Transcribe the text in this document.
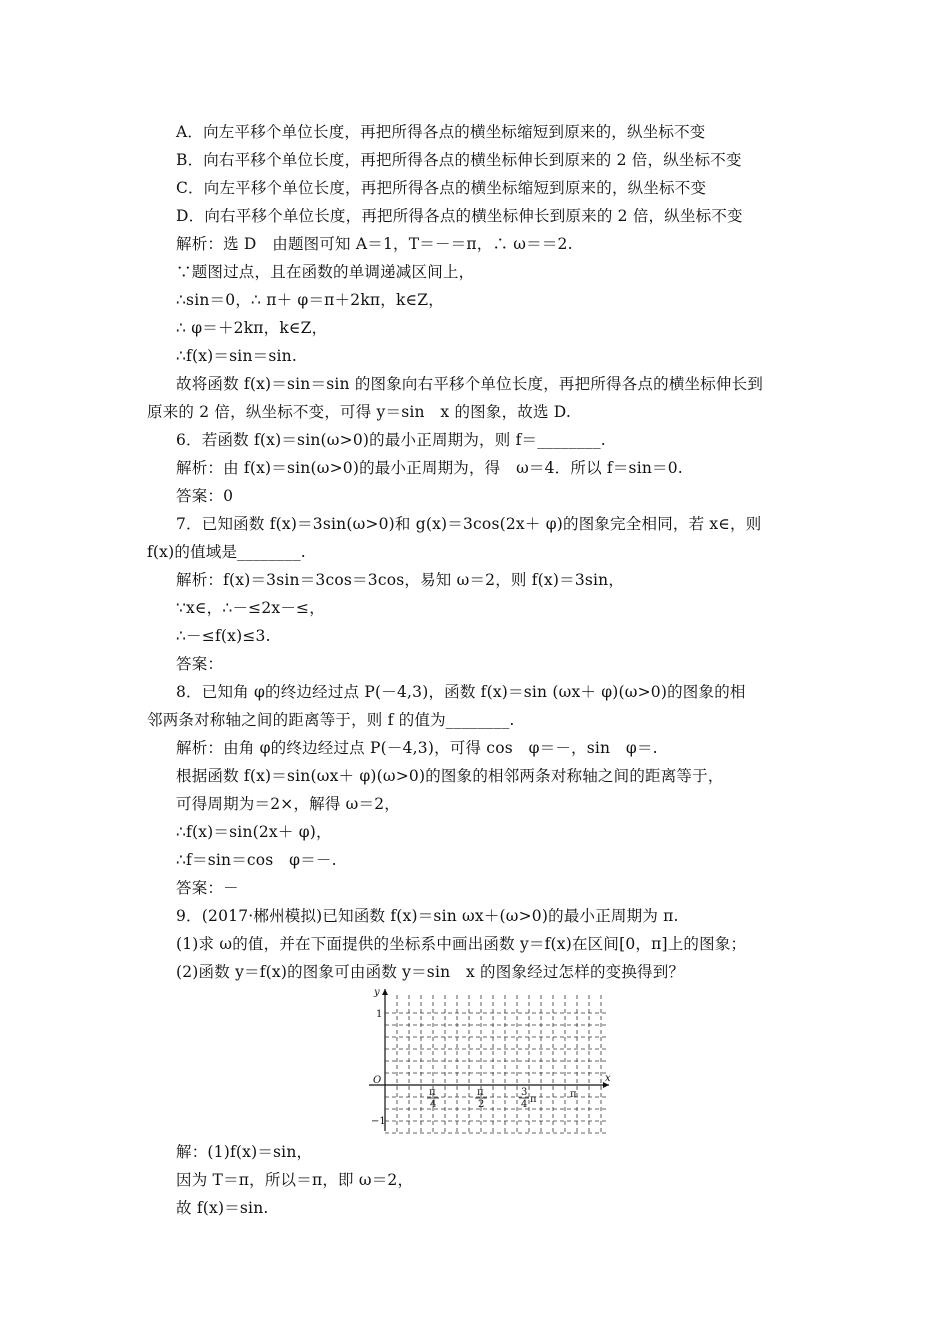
A．向左平移个单位长度，再把所得各点的横坐标缩短到原来的，纵坐标不变
B．向右平移个单位长度，再把所得各点的横坐标伸长到原来的 2 倍，纵坐标不变
C．向左平移个单位长度，再把所得各点的横坐标缩短到原来的，纵坐标不变
D．向右平移个单位长度，再把所得各点的横坐标伸长到原来的 2 倍，纵坐标不变
解析：选 D　由题图可知 A＝1，T＝－＝π，∴ ω＝＝2.
∵题图过点，且在函数的单调递减区间上，
∴sin＝0，∴ π＋ φ＝π＋2kπ，k∈Z，
∴ φ＝＋2kπ，k∈Z，
∴f(x)＝sin＝sin.
故将函数 f(x)＝sin＝sin 的图象向右平移个单位长度，再把所得各点的横坐标伸长到
原来的 2 倍，纵坐标不变，可得 y＝sin　x 的图象，故选 D.
6．若函数 f(x)＝sin(ω>0)的最小正周期为，则 f＝________.
解析：由 f(x)＝sin(ω>0)的最小正周期为，得　ω＝4．所以 f＝sin＝0.
答案：0
7．已知函数 f(x)＝3sin(ω>0)和 g(x)＝3cos(2x＋ φ)的图象完全相同，若 x∈，则
f(x)的值域是________.
解析：f(x)＝3sin＝3cos＝3cos，易知 ω＝2，则 f(x)＝3sin，
∵x∈，∴－≤2x－≤，
∴－≤f(x)≤3.
答案：
8．已知角 φ的终边经过点 P(－4,3)，函数 f(x)＝sin (ωx＋ φ)(ω>0)的图象的相
邻两条对称轴之间的距离等于，则 f 的值为________.
解析：由角 φ的终边经过点 P(－4,3)，可得 cos　φ＝－，sin　φ＝.
根据函数 f(x)＝sin(ωx＋ φ)(ω>0)的图象的相邻两条对称轴之间的距离等于，
可得周期为＝2×，解得 ω＝2，
∴f(x)＝sin(2x＋ φ)，
∴f＝sin＝cos　φ＝－.
答案：－
9．(2017·郴州模拟)已知函数 f(x)＝sin ωx＋(ω>0)的最小正周期为 π.
(1)求 ω的值，并在下面提供的坐标系中画出函数 y＝f(x)在区间[0，π]上的图象；
(2)函数 y＝f(x)的图象可由函数 y＝sin　x 的图象经过怎样的变换得到？
y
x
O
1
−1
π
4
π
2
3
4 π	π
解：(1)f(x)＝sin，
因为 T＝π，所以＝π，即 ω＝2，
故 f(x)＝sin.
